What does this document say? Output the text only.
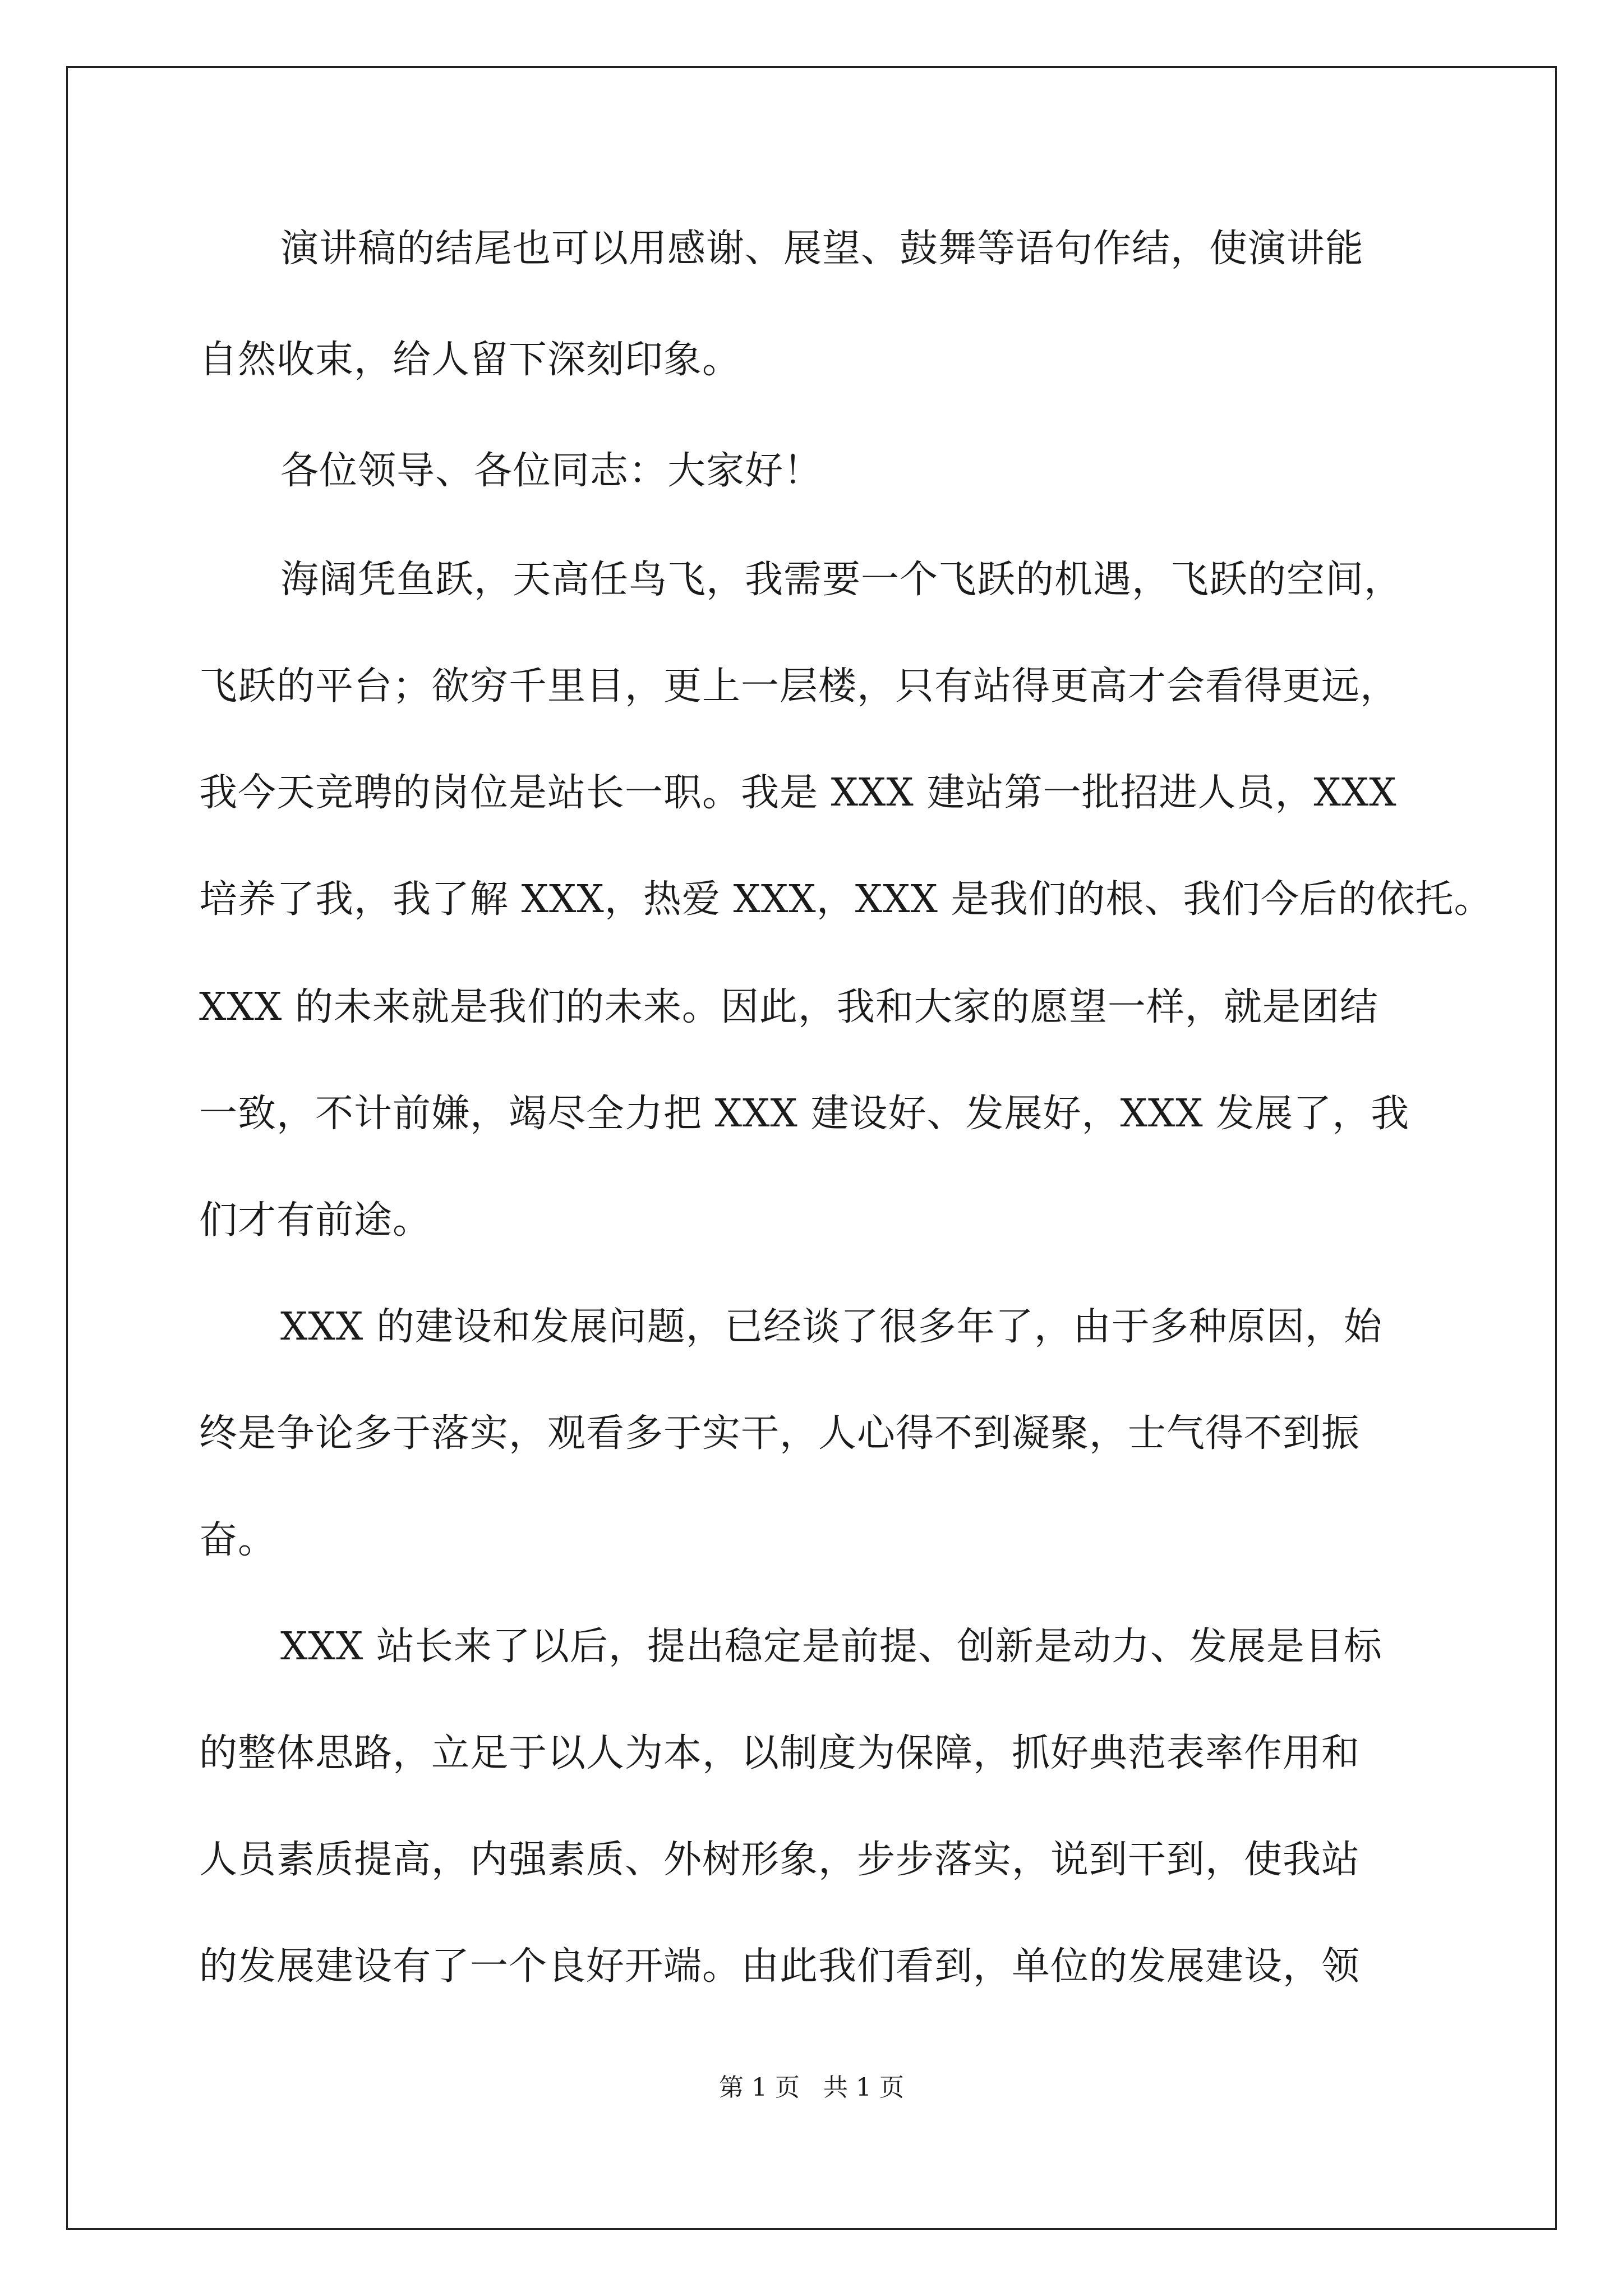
演讲稿的结尾也可以用感谢、展望、鼓舞等语句作结，使演讲能

自然收束，给人留下深刻印象。

各位领导、各位同志：大家好！

海阔凭鱼跃，天高任鸟飞，我需要一个飞跃的机遇，飞跃的空间，

飞跃的平台；欲穷千里目，更上一层楼，只有站得更高才会看得更远，

我今天竞聘的岗位是站长一职。我是 XXX 建站第一批招进人员，XXX

培养了我，我了解 XXX，热爱 XXX，XXX 是我们的根、我们今后的依托。

XXX 的未来就是我们的未来。因此，我和大家的愿望一样，就是团结

一致，不计前嫌，竭尽全力把 XXX 建设好、发展好，XXX 发展了，我

们才有前途。

XXX 的建设和发展问题，已经谈了很多年了，由于多种原因，始

终是争论多于落实，观看多于实干，人心得不到凝聚，士气得不到振

奋。

XXX 站长来了以后，提出稳定是前提、创新是动力、发展是目标

的整体思路，立足于以人为本，以制度为保障，抓好典范表率作用和

人员素质提高，内强素质、外树形象，步步落实，说到干到，使我站

的发展建设有了一个良好开端。由此我们看到，单位的发展建设，领

第 1 页   共 1 页
